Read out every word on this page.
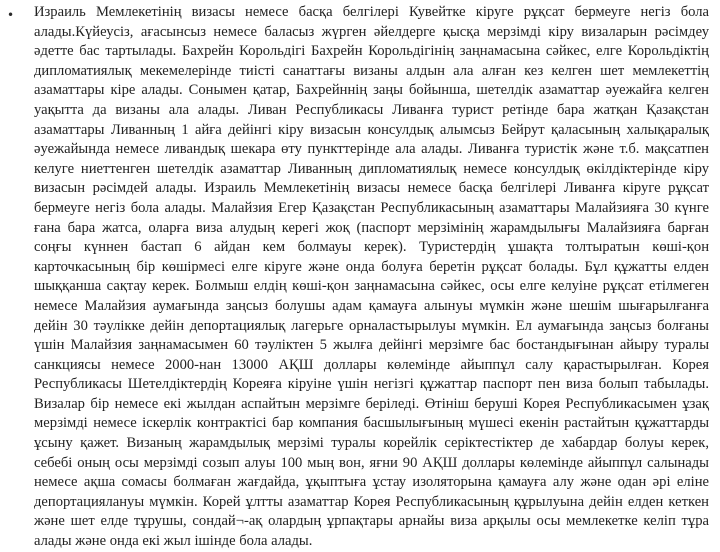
• Израиль Мемлекетінің визасы немесе басқа белгілері Кувейтке кіруге рұқсат бермеуге негіз бола алады.Күйеусіз, ағасынсыз немесе баласыз жүрген әйелдерге қысқа мерзімді кіру визаларын рәсімдеу әдетте бас тартылады. Бахрейн Корольдігі Бахрейн Корольдігінің заңнамасына сәйкес, елге Корольдіктің дипломатиялық мекемелерінде тиісті санаттағы визаны алдын ала алған кез келген шет мемлекеттің азаматтары кіре алады. Сонымен қатар, Бахрейннің заңы бойынша, шетелдік азаматтар әуежайға келген уақытта да визаны ала алады. Ливан Республикасы Ливанға турист ретінде бара жатқан Қазақстан азаматтары Ливанның 1 айға дейінгі кіру визасын консулдық алымсыз Бейрут қаласының халықаралық әуежайында немесе ливандық шекара өту пункттерінде ала алады. Ливанға туристік және т.б. мақсатпен келуге ниеттенген шетелдік азаматтар Ливанның дипломатиялық немесе консулдық өкілдіктерінде кіру визасын рәсімдей алады. Израиль Мемлекетінің визасы немесе басқа белгілері Ливанға кіруге рұқсат бермеуге негіз бола алады. Малайзия Егер Қазақстан Республикасының азаматтары Малайзияға 30 күнге ғана бара жатса, оларға виза алудың керегі жоқ (паспорт мерзімінің жарамдылығы Малайзияға барған соңғы күннен бастап 6 айдан кем болмауы керек). Туристердің ұшақта толтыратын көші-қон карточкасының бір көшірмесі елге кіруге және онда болуға беретін рұқсат болады. Бұл құжатты елден шыққанша сақтау керек. Болмыш елдің көші-қон заңнамасына сәйкес, осы елге келуіне рұқсат етілмеген немесе Малайзия аумағында заңсыз болушы адам қамауға алынуы мүмкін және шешім шығарылғанға дейін 30 тәулікке дейін депортациялық лагерьге орналастырылуы мүмкін. Ел аумағында заңсыз болғаны үшін Малайзия заңнамасымен 60 тәуліктен 5 жылға дейінгі мерзімге бас бостандығынан айыру туралы санкциясы немесе 2000-нан 13000 АҚШ доллары көлемінде айыппұл салу қарастырылған. Корея Республикасы Шетелдіктердің Кореяға кіруіне үшін негізгі құжаттар паспорт пен виза болып табылады. Визалар бір немесе екі жылдан аспайтын мерзімге беріледі. Өтініш беруші Корея Республикасымен ұзақ мерзімді немесе іскерлік контрактісі бар компания басшылығының мүшесі екенін растайтын құжаттарды ұсыну қажет. Визаның жарамдылық мерзімі туралы корейлік серіктестіктер де хабардар болуы керек, себебі оның осы мерзімді созып алуы 100 мың вон, яғни 90 АҚШ доллары көлемінде айыппұл салынады немесе ақша сомасы болмаған жағдайда, ұқыптыға ұстау изоляторына қамауға алу және одан әрі еліне депортациялануы мүмкін. Корей ұлтты азаматтар Корея Республикасының құрылуына дейін елден кеткен және шет елде тұрушы, сондай¬-ақ олардың ұрпақтары арнайы виза арқылы осы мемлекетке келіп тұра алады және онда екі жыл ішінде бола алады.
